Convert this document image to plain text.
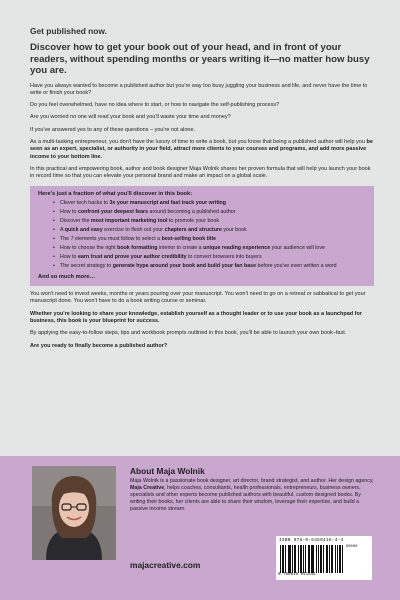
Get published now.
Discover how to get your book out of your head, and in front of your readers, without spending months or years writing it—no matter how busy you are.

Have you always wanted to become a published author but you're way too busy juggling your business and life, and never have the time to write or finish your book?

Do you feel overwhelmed, have no idea where to start, or how to navigate the self-publishing process?

Are you worried no one will read your book and you'll waste your time and money?

If you've answered yes to any of these questions – you're not alone.

As a multi-tasking entrepreneur, you don't have the luxury of time to write a book, but you know that being a published author will help you be seen as an expert, specialist, or authority in your field, attract more clients to your courses and programs, and add more passive income to your bottom line.

In this practical and empowering book, author and book designer Maja Wolnik shares her proven formula that will help you launch your book in record time so that you can elevate your personal brand and make an impact on a global scale.

Here's just a fraction of what you'll discover in this book:
• Clever tech hacks to 3x your manuscript and fast track your writing
• How to confront your deepest fears around becoming a published author
• Discover the most important marketing tool to promote your book
• A quick and easy exercise to flesh out your chapters and structure your book
• The 7 elements you must follow to select a best-selling book title
• How to choose the right book formatting interior to create a unique reading experience your audience will love
• How to earn trust and prove your author credibility to convert browsers into buyers
• The secret strategy to generate hype around your book and build your fan base before you've even written a word
And so much more…

You won't need to invest weeks, months or years pouring over your manuscript. You won't need to go on a retreat or sabbatical to get your manuscript done. You won't have to do a book writing course or seminar.

Whether you're looking to share your knowledge, establish yourself as a thought leader or to use your book as a launchpad for business, this book is your blueprint for success.

By applying the easy-to-follow steps, tips and workbook prompts outlined in this book, you'll be able to launch your own book–fast.

Are you ready to finally become a published author?

About Maja Wolnik
Maja Wolnik is a passionate book designer, art director, brand strategist, and author. Her design agency, Maja Creative, helps coaches, consultants, health professionals, entrepreneurs, business owners, specialists and other experts become published authors with beautiful, custom designed books. By writing their books, her clients are able to share their wisdom, leverage their expertise, and build a passive income stream.
majacreative.com
ISBN 978-0-6450416-4-4
90000
9 780645 041644
